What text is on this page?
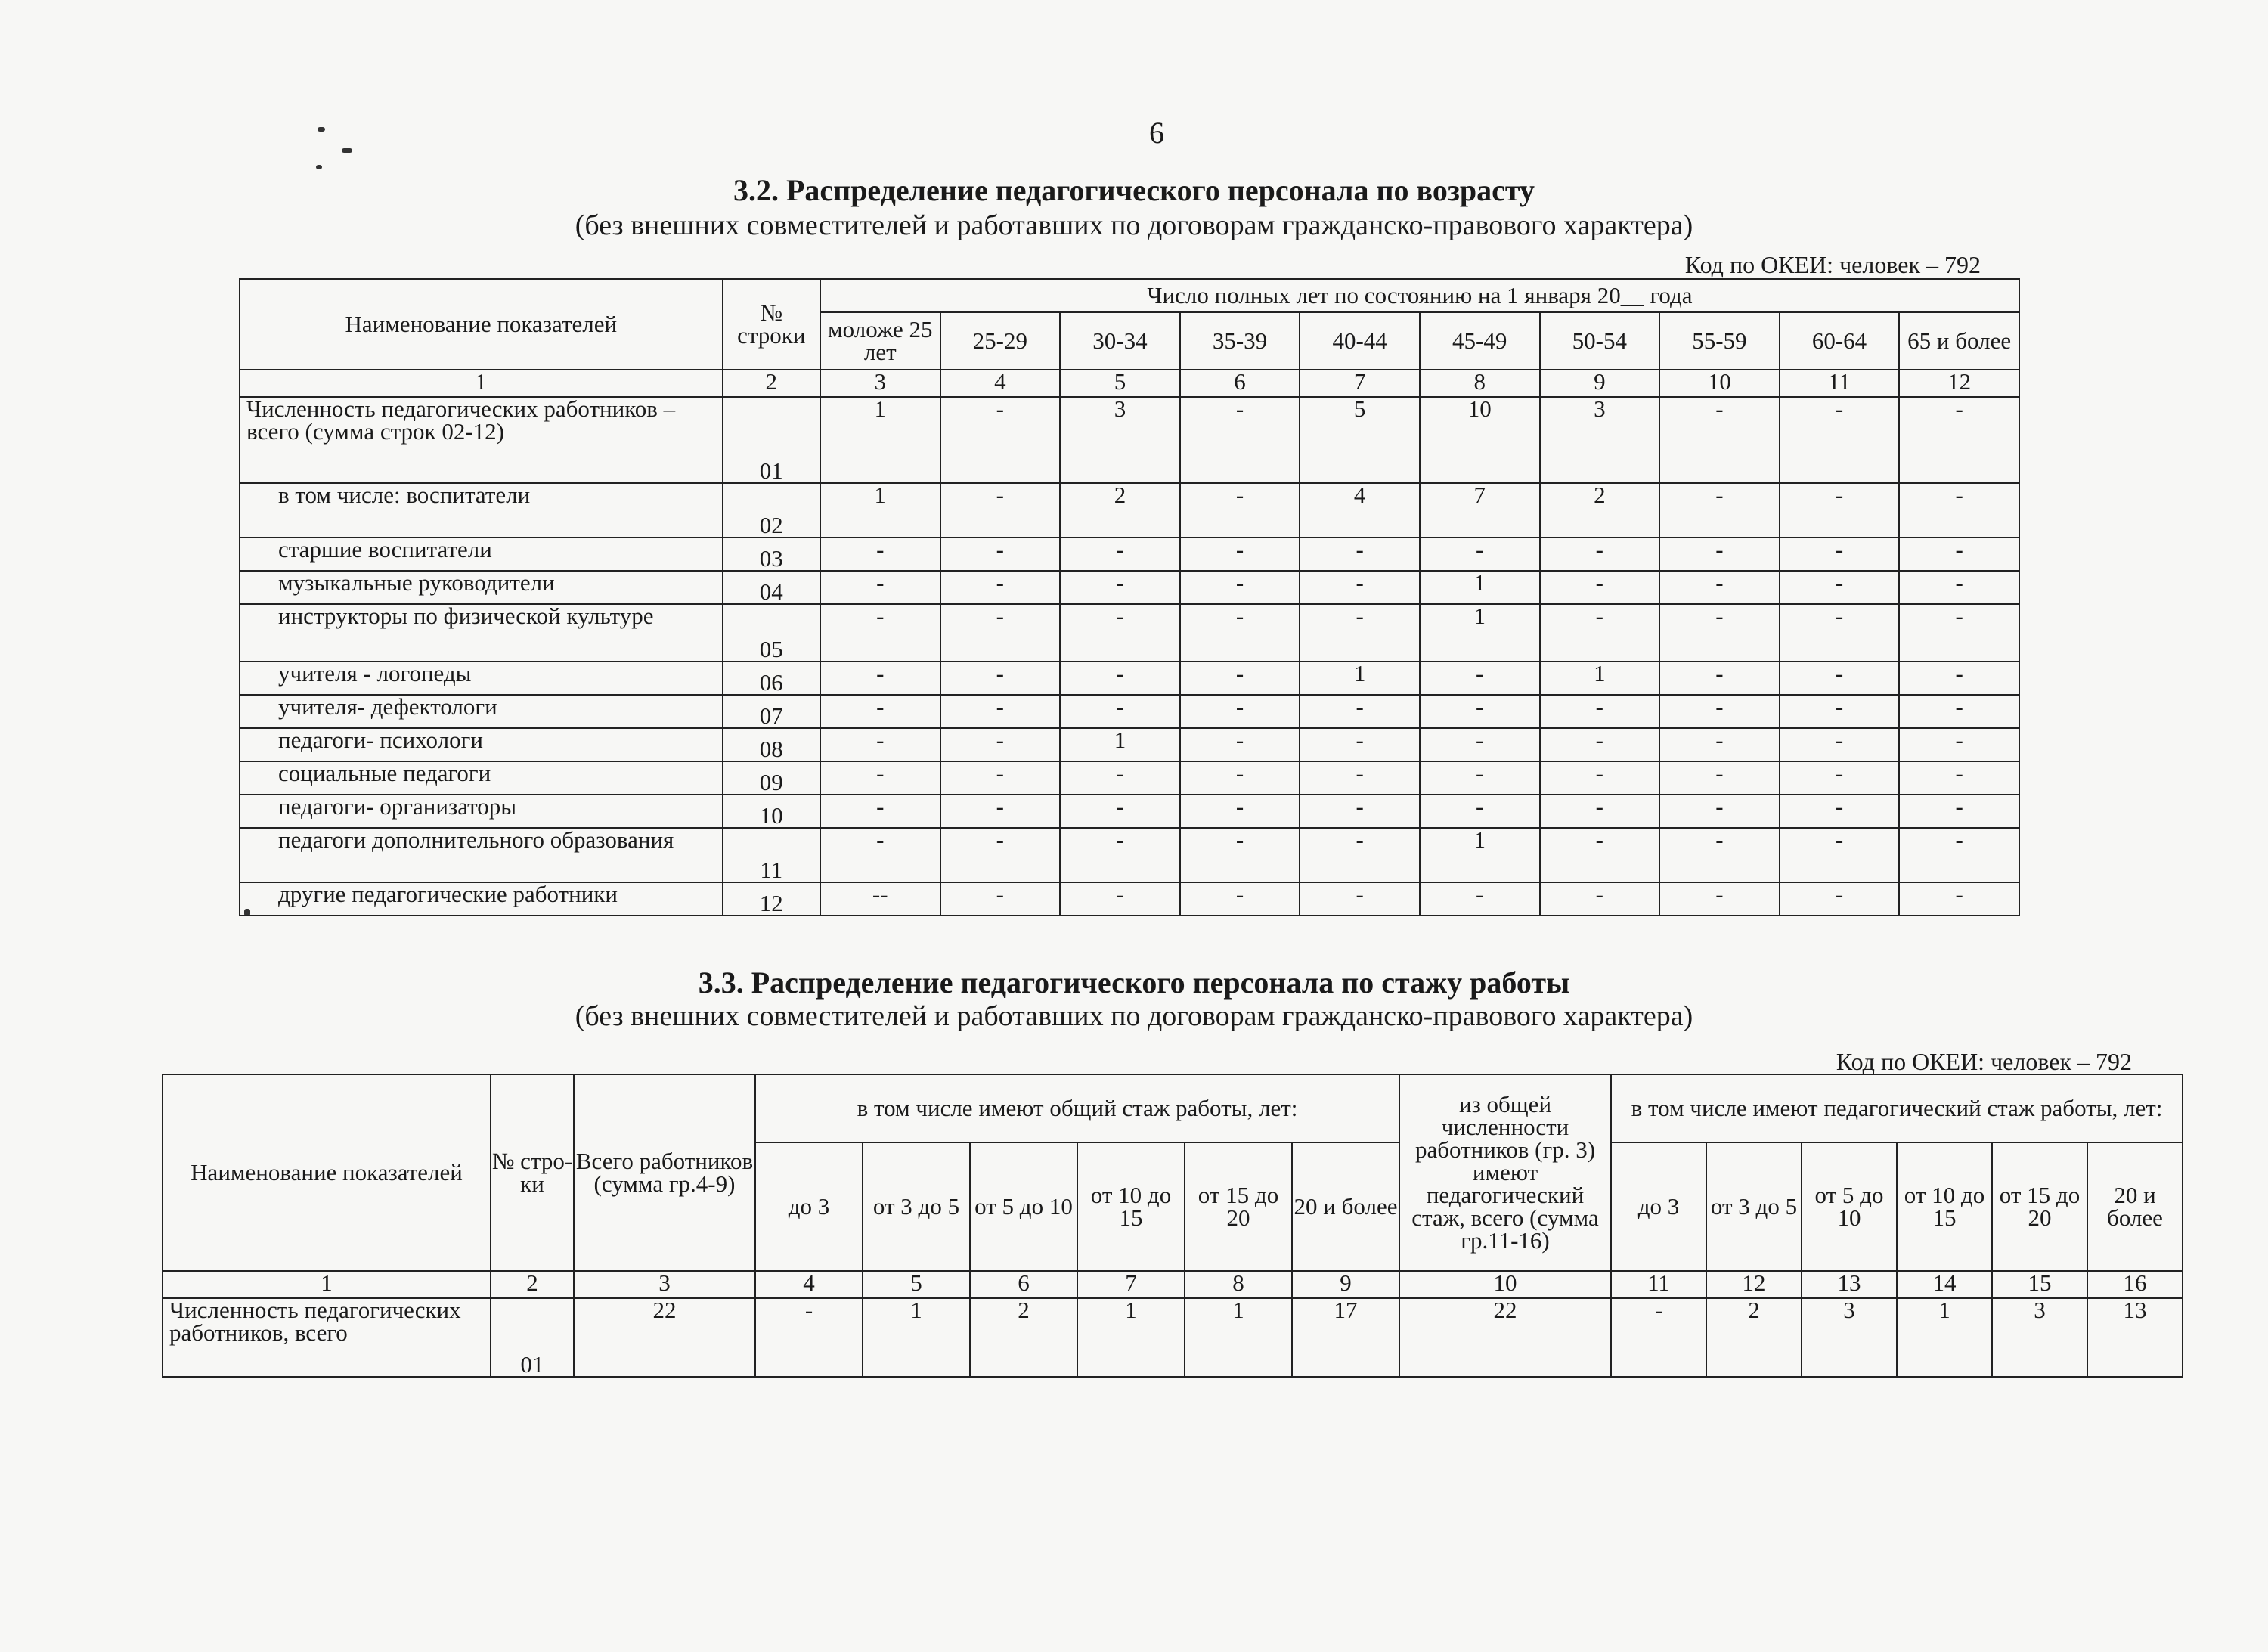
6
3.2. Распределение педагогического персонала по возрасту
(без внешних совместителей и работавших по договорам гражданско-правового характера)
Код по ОКЕИ: человек – 792
Наименование показателей	№ строки	Число полных лет по состоянию на 1 января 20__ года									
		моложе 25 лет	25-29	30-34	35-39	40-44	45-49	50-54	55-59	60-64	65 и более
1	2	3	4	5	6	7	8	9	10	11	12
Численность педагогических работников – всего (сумма строк 02-12)	01	1	-	3	-	5	10	3	-	-	-
в том числе: воспитатели	02	1	-	2	-	4	7	2	-	-	-
старшие воспитатели	03	-	-	-	-	-	-	-	-	-	-
музыкальные руководители	04	-	-	-	-	-	1	-	-	-	-
инструкторы по физической культуре	05	-	-	-	-	-	1	-	-	-	-
учителя - логопеды	06	-	-	-	-	1	-	1	-	-	-
учителя- дефектологи	07	-	-	-	-	-	-	-	-	-	-
педагоги- психологи	08	-	-	1	-	-	-	-	-	-	-
социальные педагоги	09	-	-	-	-	-	-	-	-	-	-
педагоги- организаторы	10	-	-	-	-	-	-	-	-	-	-
педагоги дополнительного образования	11	-	-	-	-	-	1	-	-	-	-
другие педагогические работники	12	--	-	-	-	-	-	-	-	-	-
3.3. Распределение педагогического персонала по стажу работы
(без внешних совместителей и работавших по договорам гражданско-правового характера)
Код по ОКЕИ: человек – 792
Наименование показателей	№ стро-ки	Всего работников (сумма гр.4-9)	в том числе имеют общий стаж работы, лет:						из общей численности работников (гр. 3) имеют педагогический стаж, всего (сумма гр.11-16)	в том числе имеют педагогический стаж работы, лет:					
			до 3	от 3 до 5	от 5 до 10	от 10 до 15	от 15 до 20	20 и более		до 3	от 3 до 5	от 5 до 10	от 10 до 15	от 15 до 20	20 и более
1	2	3	4	5	6	7	8	9	10	11	12	13	14	15	16
Численность педагогических работников, всего	01	22	-	1	2	1	1	17	22	-	2	3	1	3	13
